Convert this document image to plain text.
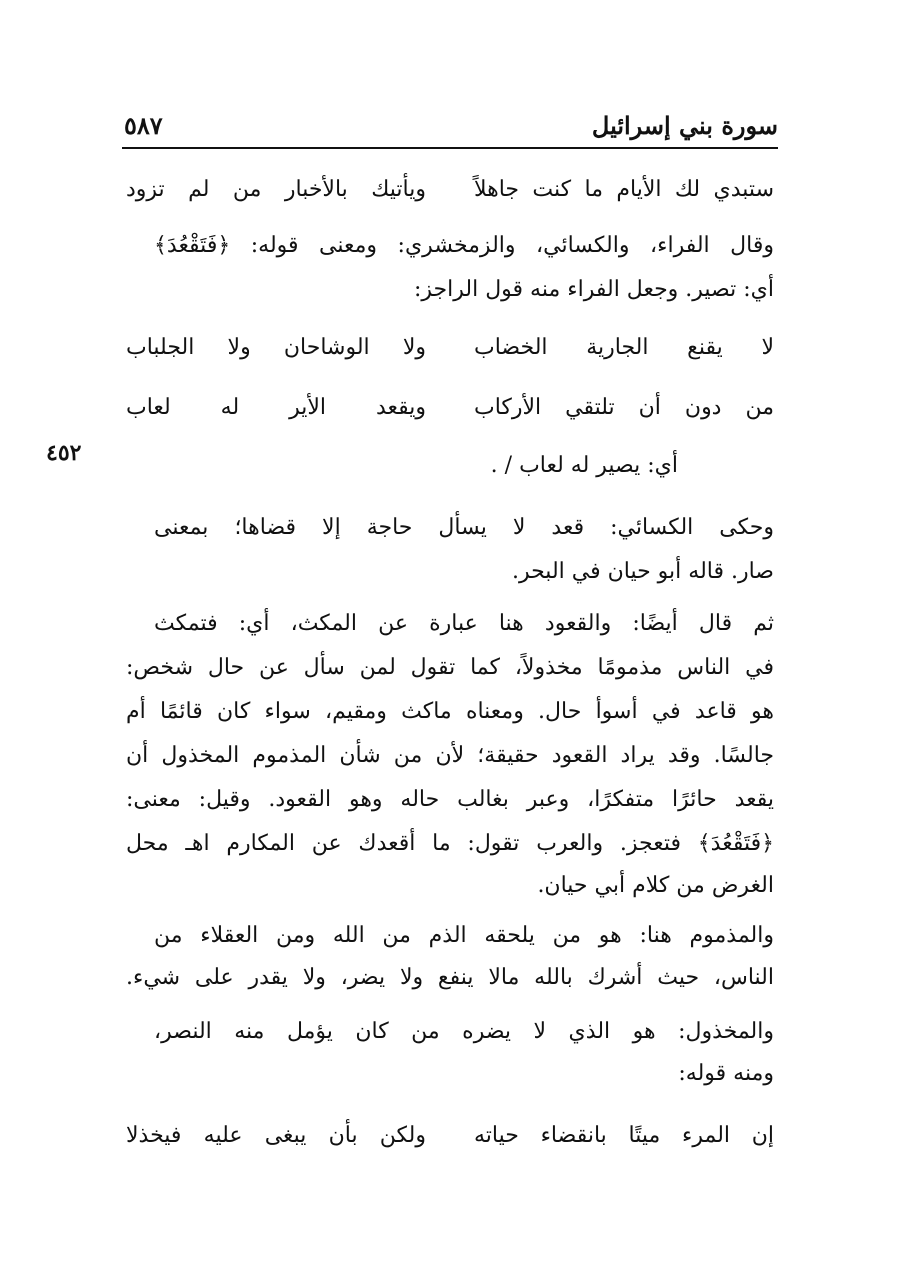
سورة بني إسرائيل
٥٨٧
٤٥٢
ستبدي لك الأيام ما كنت جاهلاً
ويأتيك بالأخبار من لم تزود
وقال الفراء، والكسائي، والزمخشري: ومعنى قوله: ﴿فَتَقْعُدَ﴾
أي: تصير. وجعل الفراء منه قول الراجز:
لا يقنع الجارية الخضاب
ولا الوشاحان ولا الجلباب
من دون أن تلتقي الأركاب
ويقعد الأير له لعاب
أي: يصير له لعاب / .
وحكى الكسائي: قعد لا يسأل حاجة إلا قضاها؛ بمعنى
صار. قاله أبو حيان في البحر.
ثم قال أيضًا: والقعود هنا عبارة عن المكث، أي: فتمكث
في الناس مذمومًا مخذولاً، كما تقول لمن سأل عن حال شخص:
هو قاعد في أسوأ حال. ومعناه ماكث ومقيم، سواء كان قائمًا أم
جالسًا. وقد يراد القعود حقيقة؛ لأن من شأن المذموم المخذول أن
يقعد حائرًا متفكرًا، وعبر بغالب حاله وهو القعود. وقيل: معنى:
﴿فَتَقْعُدَ﴾ فتعجز. والعرب تقول: ما أقعدك عن المكارم اهـ محل
الغرض من كلام أبي حيان.
والمذموم هنا: هو من يلحقه الذم من الله ومن العقلاء من
الناس، حيث أشرك بالله مالا ينفع ولا يضر، ولا يقدر على شيء.
والمخذول: هو الذي لا يضره من كان يؤمل منه النصر،
ومنه قوله:
إن المرء ميتًا بانقضاء حياته
ولكن بأن يبغى عليه فيخذلا
